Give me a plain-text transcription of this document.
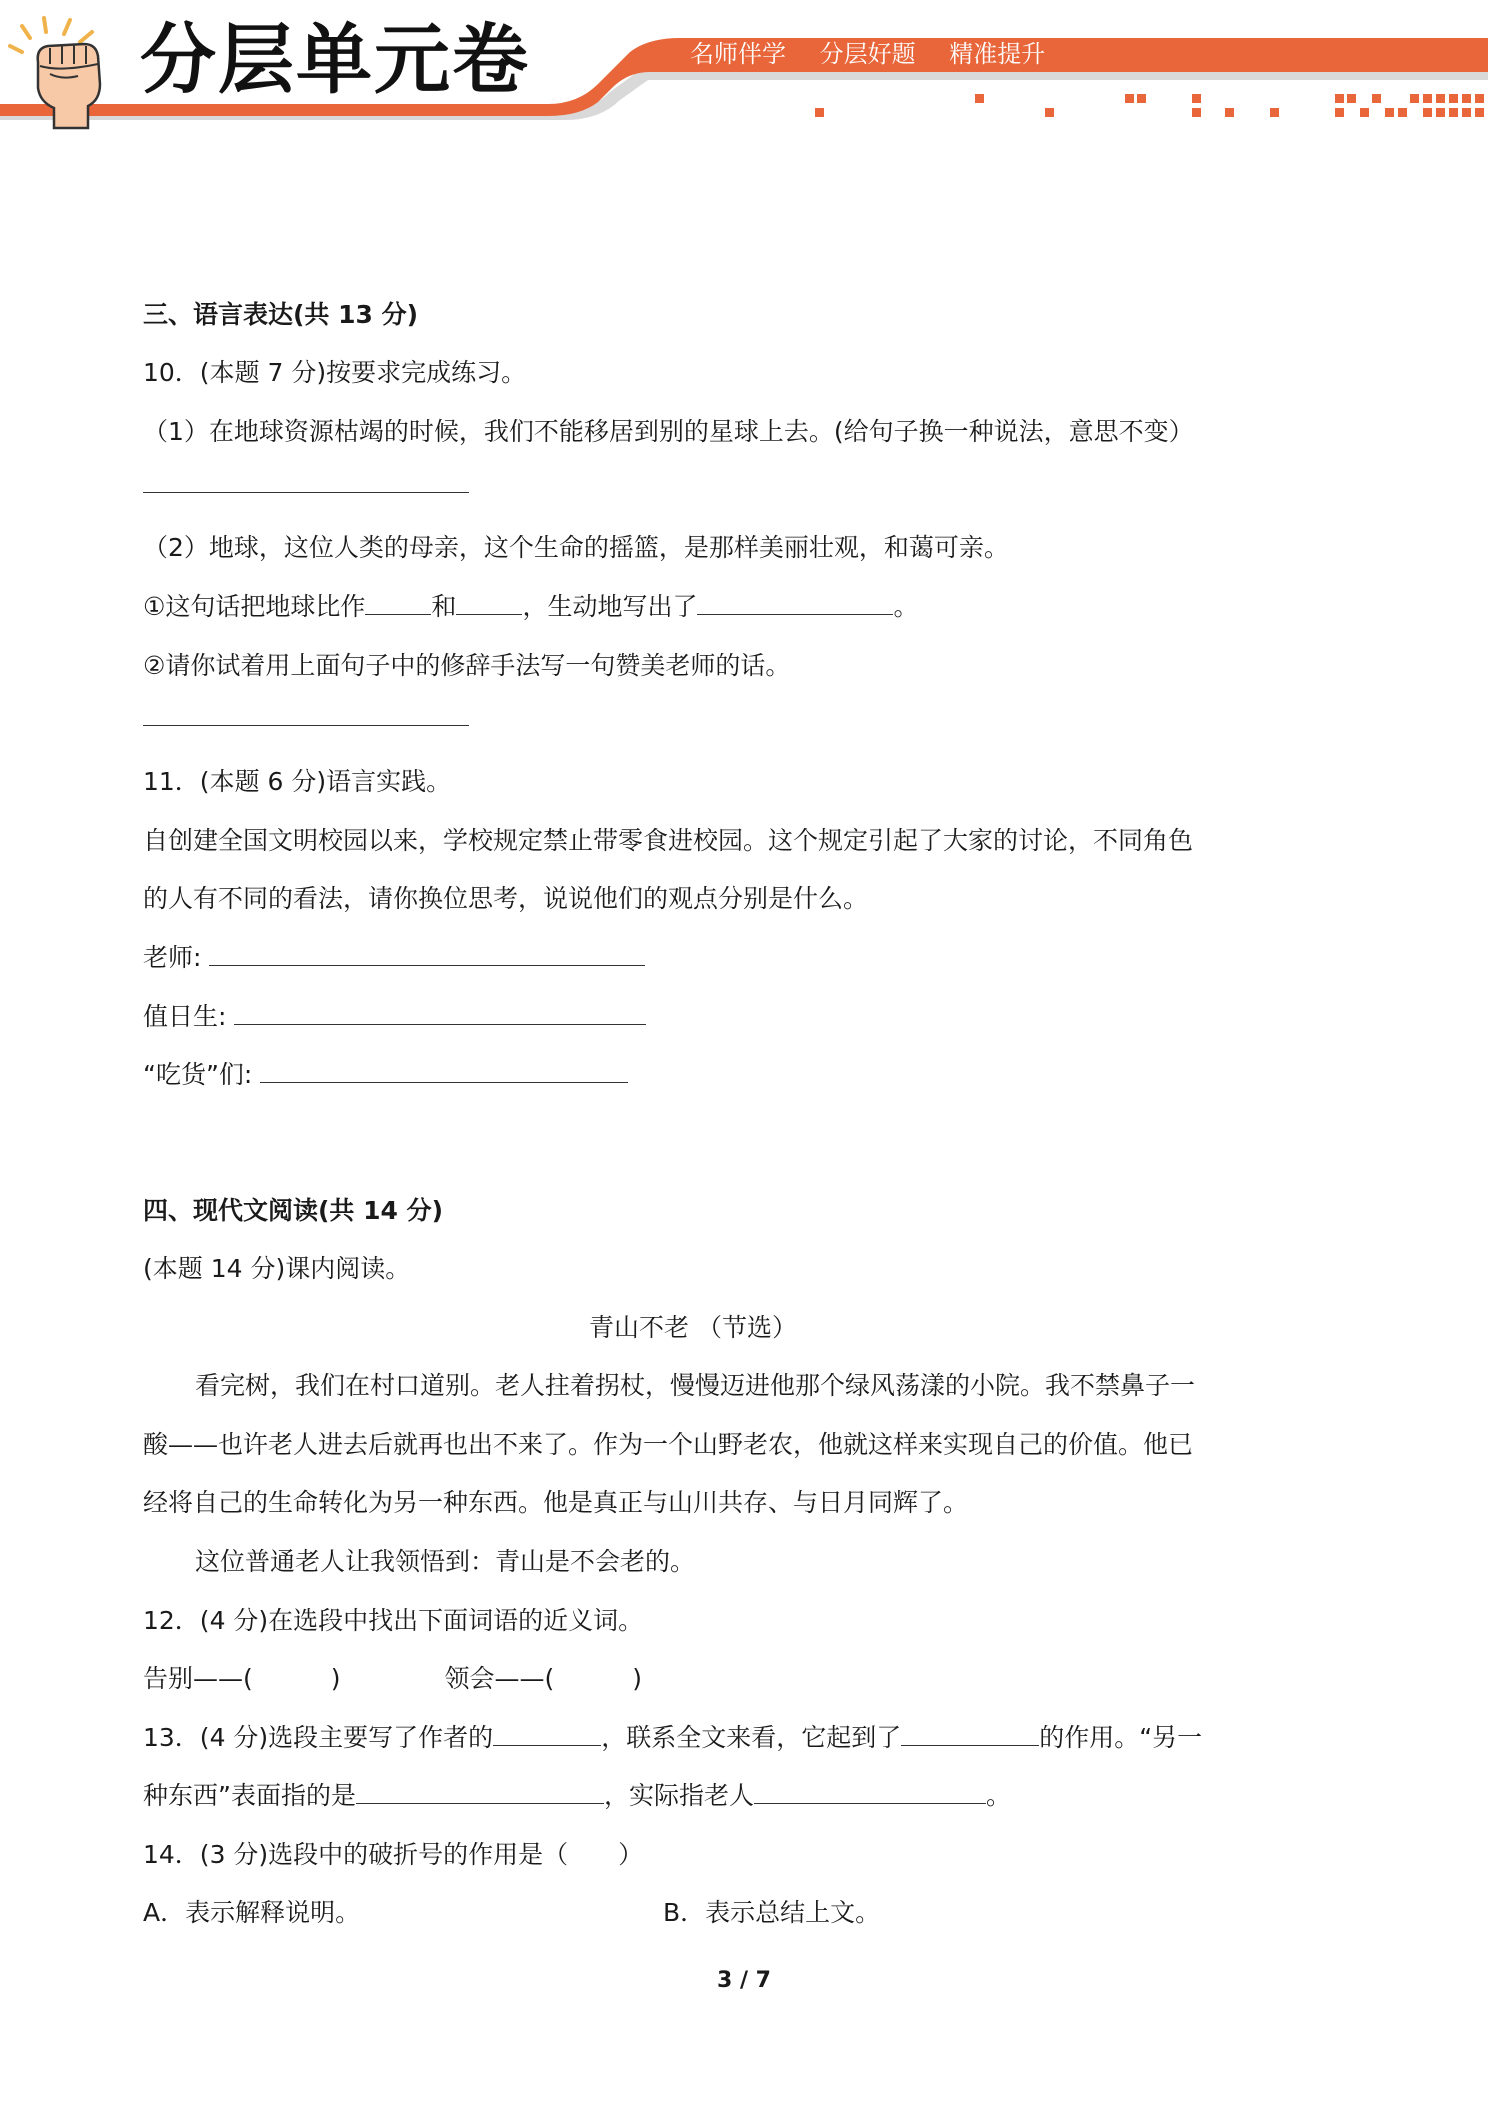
分层单元卷	名师伴学 分层好题 精准提升
三、语言表达(共 13 分)
10．(本题 7 分)按要求完成练习。
（1）在地球资源枯竭的时候，我们不能移居到别的星球上去。(给句子换一种说法，意思不变）
（2）地球，这位人类的母亲，这个生命的摇篮，是那样美丽壮观，和蔼可亲。
①这句话把地球比作	和	，生动地写出了	。
②请你试着用上面句子中的修辞手法写一句赞美老师的话。
11．(本题 6 分)语言实践。
自创建全国文明校园以来，学校规定禁止带零食进校园。这个规定引起了大家的讨论，不同角色
的人有不同的看法，请你换位思考，说说他们的观点分别是什么。
老师:
值日生:
“吃货”们:
四、现代文阅读(共 14 分)
(本题 14 分)课内阅读。
青山不老 （节选）
看完树，我们在村口道别。老人拄着拐杖，慢慢迈进他那个绿风荡漾的小院。我不禁鼻子一
酸——也许老人进去后就再也出不来了。作为一个山野老农，他就这样来实现自己的价值。他已
经将自己的生命转化为另一种东西。他是真正与山川共存、与日月同辉了。
这位普通老人让我领悟到：青山是不会老的。
12．(4 分)在选段中找出下面词语的近义词。
告别——(	)	领会——(	)
13．(4 分)选段主要写了作者的	，联系全文来看，它起到了	的作用。“另一
种东西”表面指的是	，实际指老人	。
14．(3 分)选段中的破折号的作用是（　　）
A．表示解释说明。	B．表示总结上文。
3 / 7
